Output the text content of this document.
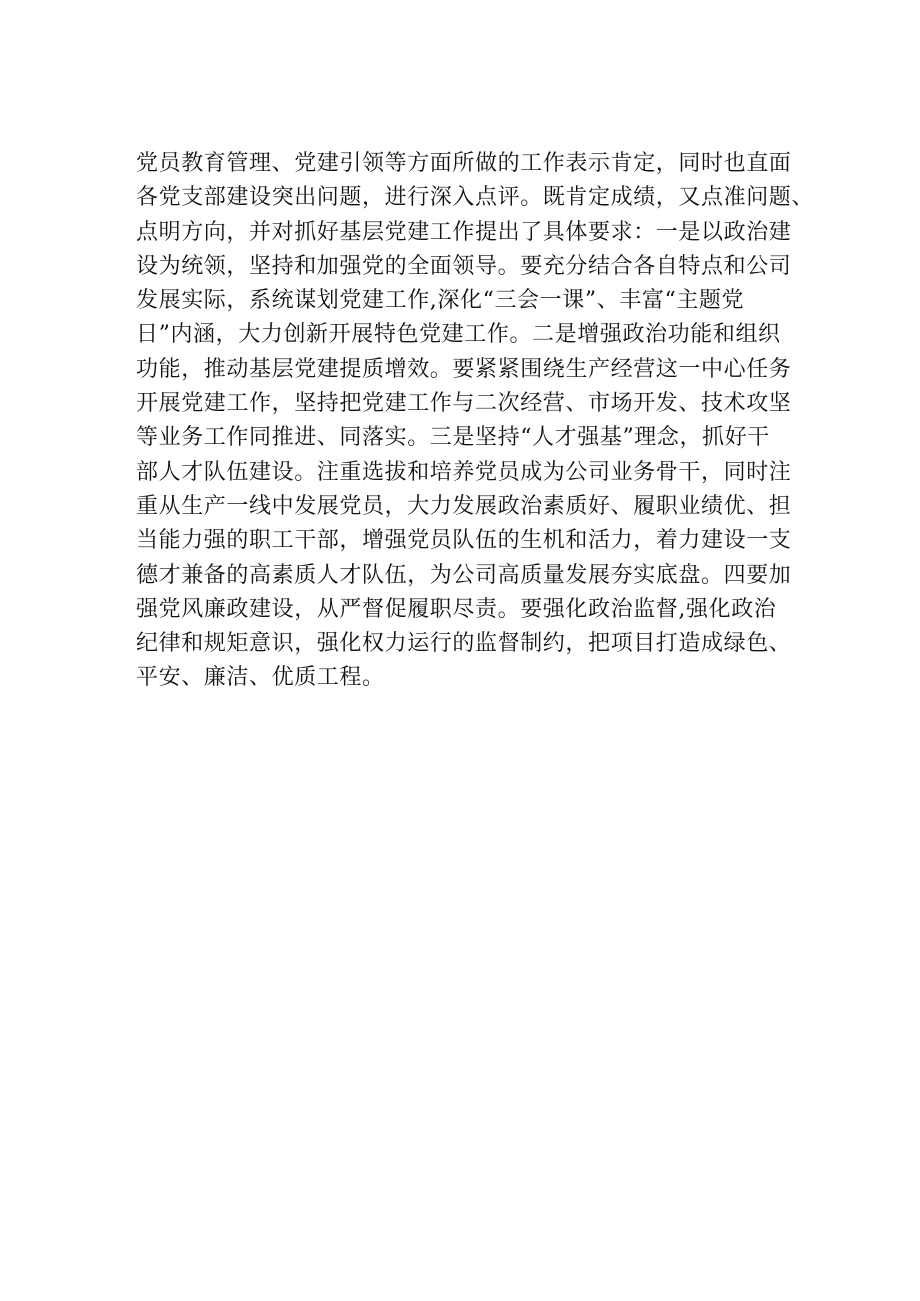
党员教育管理、党建引领等方面所做的工作表示肯定，同时也直面
各党支部建设突出问题，进行深入点评。既肯定成绩，又点准问题、
点明方向，并对抓好基层党建工作提出了具体要求：一是以政治建
设为统领，坚持和加强党的全面领导。要充分结合各自特点和公司
发展实际，系统谋划党建工作,深化“三会一课”、丰富“主题党
日”内涵，大力创新开展特色党建工作。二是增强政治功能和组织
功能，推动基层党建提质增效。要紧紧围绕生产经营这一中心任务
开展党建工作，坚持把党建工作与二次经营、市场开发、技术攻坚
等业务工作同推进、同落实。三是坚持“人才强基”理念，抓好干
部人才队伍建设。注重选拔和培养党员成为公司业务骨干，同时注
重从生产一线中发展党员，大力发展政治素质好、履职业绩优、担
当能力强的职工干部，增强党员队伍的生机和活力，着力建设一支
德才兼备的高素质人才队伍，为公司高质量发展夯实底盘。四要加
强党风廉政建设，从严督促履职尽责。要强化政治监督,强化政治
纪律和规矩意识，强化权力运行的监督制约，把项目打造成绿色、
平安、廉洁、优质工程。
